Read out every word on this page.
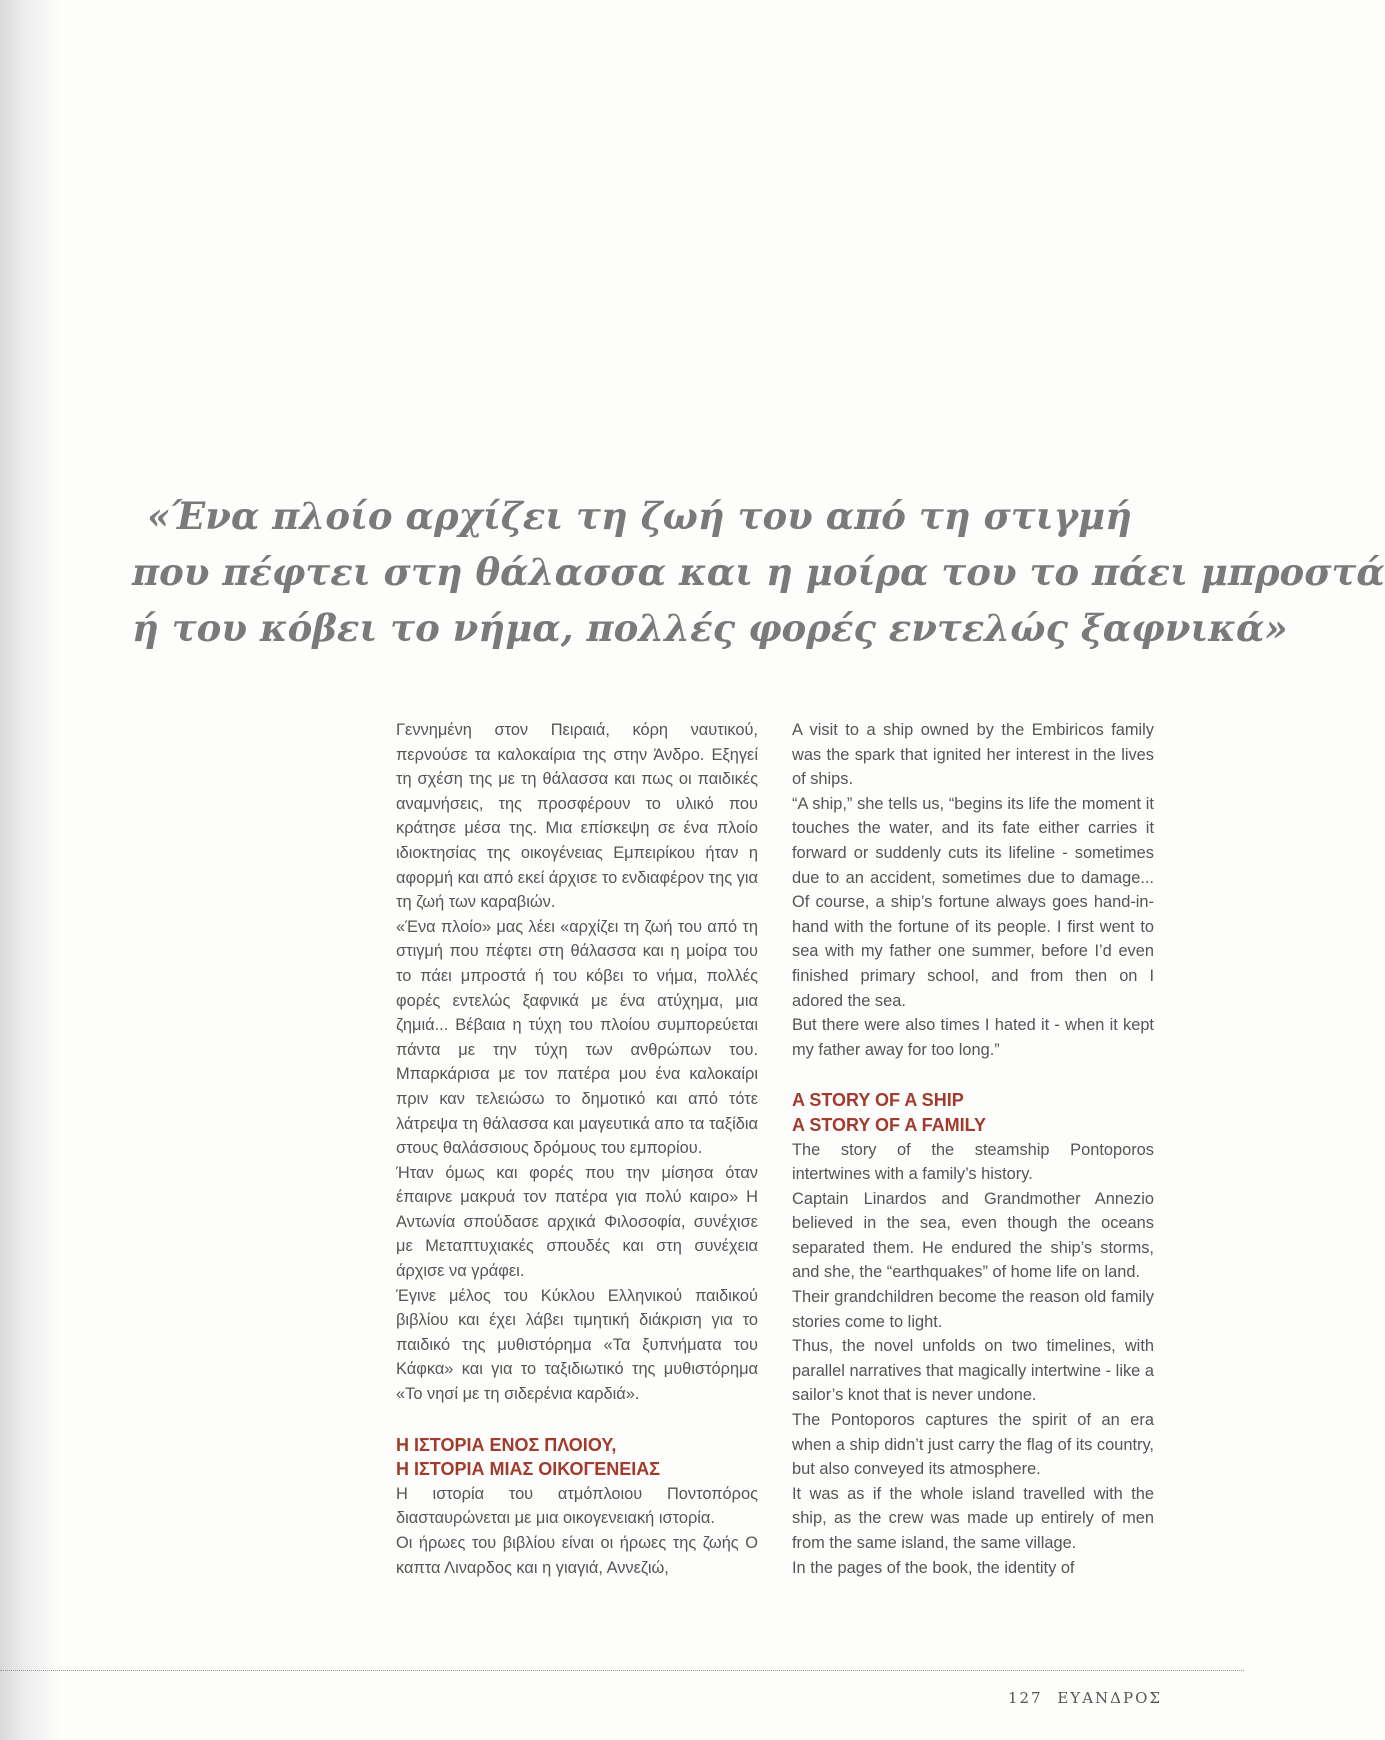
«Ένα πλοίο αρχίζει τη ζωή του από τη στιγμή
που πέφτει στη θάλασσα και η μοίρα του το πάει μπροστά
ή του κόβει το νήμα, πολλές φορές εντελώς ξαφνικά»

Γεννημένη στον Πειραιά, κόρη ναυτικού, περνούσε τα καλοκαίρια της στην Άνδρο. Εξηγεί τη σχέση της με τη θάλασσα και πως οι παιδικές αναμνήσεις, της προσφέρουν το υλικό που κράτησε μέσα της. Μια επίσκεψη σε ένα πλοίο ιδιοκτησίας της οικογένειας Εμπειρίκου ήταν η αφορμή και από εκεί άρχισε το ενδιαφέρον της για τη ζωή των καραβιών.

«Ένα πλοίο» μας λέει «αρχίζει τη ζωή του από τη στιγμή που πέφτει στη θάλασσα και η μοίρα του το πάει μπροστά ή του κόβει το νήμα, πολλές φορές εντελώς ξαφνικά με ένα ατύχημα, μια ζημιά... Βέβαια η τύχη του πλοίου συμπορεύεται πάντα με την τύχη των ανθρώπων του. Μπαρκάρισα με τον πατέρα μου ένα καλοκαίρι πριν καν τελειώσω το δημοτικό και από τότε λάτρεψα τη θάλασσα και μαγευτικά απο τα ταξίδια στους θαλάσσιους δρόμους του εμπορίου.

Ήταν όμως και φορές που την μίσησα όταν έπαιρνε μακρυά τον πατέρα για πολύ καιρο» Η Αντωνία σπούδασε αρχικά Φιλοσοφία, συνέχισε με Μεταπτυχιακές σπουδές και στη συνέχεια άρχισε να γράφει.

Έγινε μέλος του Κύκλου Ελληνικού παιδικού βιβλίου και έχει λάβει τιμητική διάκριση για το παιδικό της μυθιστόρημα «Τα ξυπνήματα του Κάφκα» και για το ταξιδιωτικό της μυθιστόρημα «Το νησί με τη σιδερένια καρδιά».

Η ΙΣΤΟΡΙΑ ΕΝΟΣ ΠΛΟΙΟΥ,
Η ΙΣΤΟΡΙΑ ΜΙΑΣ ΟΙΚΟΓΕΝΕΙΑΣ

Η ιστορία του ατμόπλοιου Ποντοπόρος διασταυρώνεται με μια οικογενειακή ιστορία.

Οι ήρωες του βιβλίου είναι οι ήρωες της ζωής Ο καπτα Λιναρδος και η γιαγιά, Αννεζιώ,

A visit to a ship owned by the Embiricos family was the spark that ignited her interest in the lives of ships.

“A ship,” she tells us, “begins its life the moment it touches the water, and its fate either carries it forward or suddenly cuts its lifeline - sometimes due to an accident, sometimes due to damage... Of course, a ship’s fortune always goes hand-in-hand with the fortune of its people. I first went to sea with my father one summer, before I’d even finished primary school, and from then on I adored the sea.

But there were also times I hated it - when it kept my father away for too long.”

A STORY OF A SHIP
A STORY OF A FAMILY

The story of the steamship Pontoporos intertwines with a family’s history.

Captain Linardos and Grandmother Annezio believed in the sea, even though the oceans separated them. He endured the ship’s storms, and she, the “earthquakes” of home life on land.

Their grandchildren become the reason old family stories come to light.

Thus, the novel unfolds on two timelines, with parallel narratives that magically intertwine - like a sailor’s knot that is never undone.

The Pontoporos captures the spirit of an era when a ship didn’t just carry the flag of its country, but also conveyed its atmosphere.

It was as if the whole island travelled with the ship, as the crew was made up entirely of men from the same island, the same village.

In the pages of the book, the identity of

127 ΕΥΑΝΔΡΟΣ
